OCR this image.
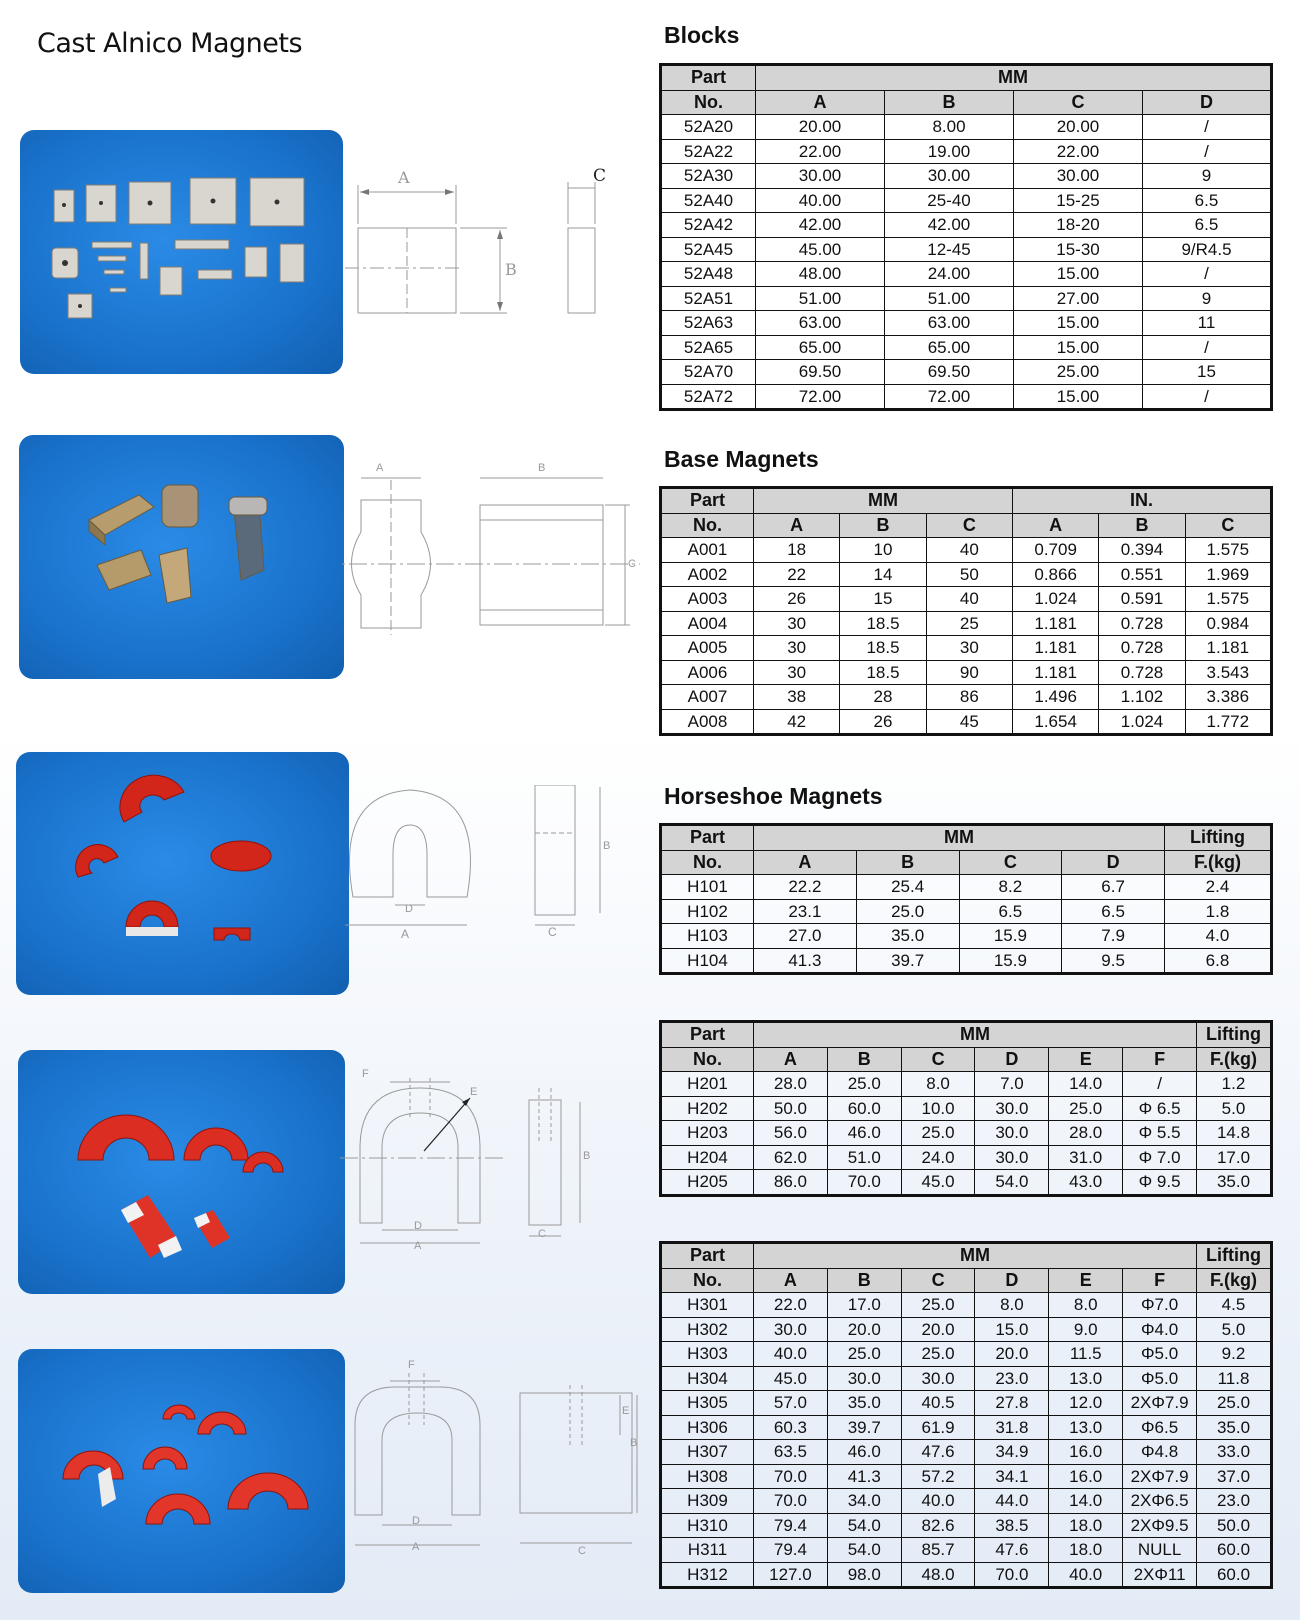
Cast Alnico Magnets	Blocks
A
B
C
Part	MM			
No.	A	B	C	D
52A20	20.00	8.00	20.00	/
52A22	22.00	19.00	22.00	/
52A30	30.00	30.00	30.00	9
52A40	40.00	25-40	15-25	6.5
52A42	42.00	42.00	18-20	6.5
52A45	45.00	12-45	15-30	9/R4.5
52A48	48.00	24.00	15.00	/
52A51	51.00	51.00	27.00	9
52A63	63.00	63.00	15.00	11
52A65	65.00	65.00	15.00	/
52A70	69.50	69.50	25.00	15
52A72	72.00	72.00	15.00	/
Base Magnets
A	B
C
Part	MM			IN.		
No.	A	B	C	A	B	C
A001	18	10	40	0.709	0.394	1.575
A002	22	14	50	0.866	0.551	1.969
A003	26	15	40	1.024	0.591	1.575
A004	30	18.5	25	1.181	0.728	0.984
A005	30	18.5	30	1.181	0.728	1.181
A006	30	18.5	90	1.181	0.728	3.543
A007	38	28	86	1.496	1.102	3.386
A008	42	26	45	1.654	1.024	1.772
Horseshoe Magnets
A
B
C
D
Part	MM				Lifting
No.	A	B	C	D	F.(kg)
H101	22.2	25.4	8.2	6.7	2.4
H102	23.1	25.0	6.5	6.5	1.8
H103	27.0	35.0	15.9	7.9	4.0
H104	41.3	39.7	15.9	9.5	6.8
F
E
B
D
A
C
Part	MM						Lifting
No.	A	B	C	D	E	F	F.(kg)
H201	28.0	25.0	8.0	7.0	14.0	/	1.2
H202	50.0	60.0	10.0	30.0	25.0	Φ 6.5	5.0
H203	56.0	46.0	25.0	30.0	28.0	Φ 5.5	14.8
H204	62.0	51.0	24.0	30.0	31.0	Φ 7.0	17.0
H205	86.0	70.0	45.0	54.0	43.0	Φ 9.5	35.0
F
E
B
D
A	C
Part	MM						Lifting
No.	A	B	C	D	E	F	F.(kg)
H301	22.0	17.0	25.0	8.0	8.0	Φ7.0	4.5
H302	30.0	20.0	20.0	15.0	9.0	Φ4.0	5.0
H303	40.0	25.0	25.0	20.0	11.5	Φ5.0	9.2
H304	45.0	30.0	30.0	23.0	13.0	Φ5.0	11.8
H305	57.0	35.0	40.5	27.8	12.0	2XΦ7.9	25.0
H306	60.3	39.7	61.9	31.8	13.0	Φ6.5	35.0
H307	63.5	46.0	47.6	34.9	16.0	Φ4.8	33.0
H308	70.0	41.3	57.2	34.1	16.0	2XΦ7.9	37.0
H309	70.0	34.0	40.0	44.0	14.0	2XΦ6.5	23.0
H310	79.4	54.0	82.6	38.5	18.0	2XΦ9.5	50.0
H311	79.4	54.0	85.7	47.6	18.0	NULL	60.0
H312	127.0	98.0	48.0	70.0	40.0	2XΦ11	60.0
